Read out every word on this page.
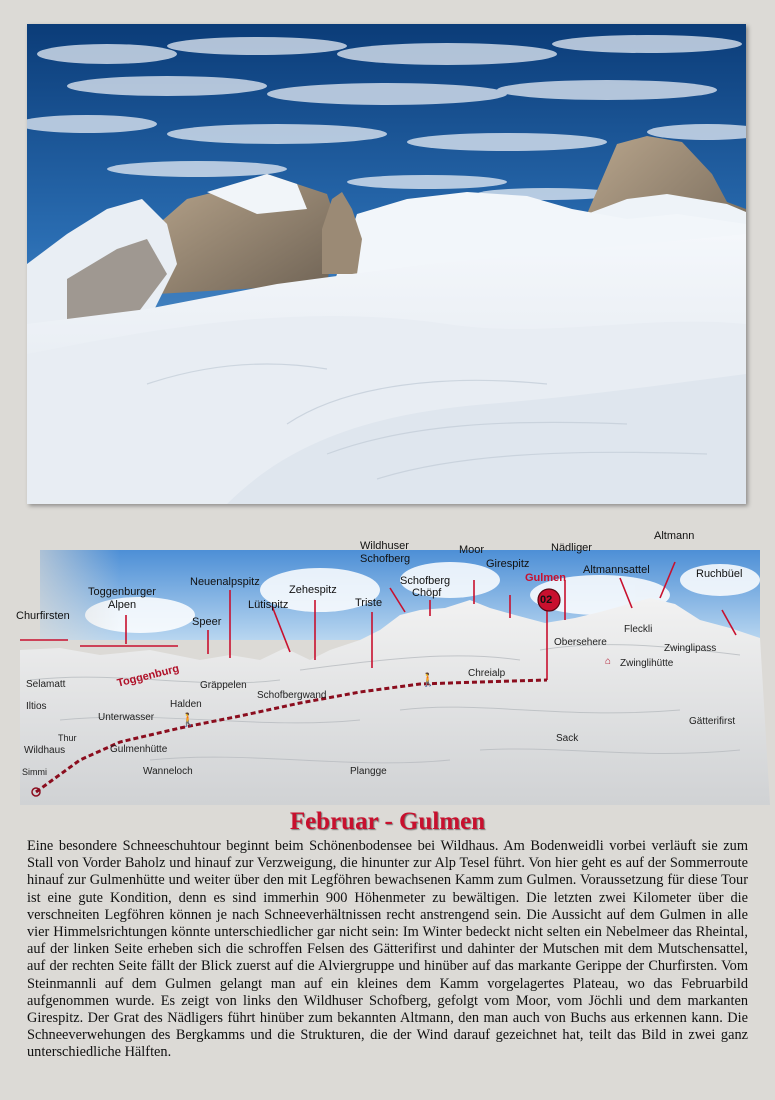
Churfirsten
Toggenburger
Alpen
Neuenalpspitz
Speer
Lütispitz
Zehespitz
Triste
Wildhuser
Schofberg
Schofberg
Chöpf
Moor
Girespitz
Gulmen
Nädliger
Altmannsattel
Altmann
Ruchbüel
02
Selamatt
Iltios
Toggenburg
Unterwasser
Halden
Gräppelen
Schofbergwand
Thur
Wildhaus	Gulmenhütte
Simmi	Wanneloch	Plangge
Chreialp
Obersehere
Fleckli
Zwinglipass
⌂ Zwinglihütte
Gätterifirst
Sack
🚶
🚶
Februar - Gulmen

Eine besondere Schneeschuhtour beginnt beim Schönenbodensee bei Wildhaus. Am Bodenweidli vorbei verläuft sie zum Stall von Vorder Baholz und hinauf zur Verzweigung, die hinunter zur Alp Tesel führt. Von hier geht es auf der Sommerroute hinauf zur Gulmenhütte und weiter über den mit Legföhren bewachsenen Kamm zum Gulmen. Voraussetzung für diese Tour ist eine gute Kondition, denn es sind immerhin 900 Höhenmeter zu bewältigen. Die letzten zwei Kilometer über die verschneiten Legföhren können je nach Schneeverhältnissen recht anstrengend sein. Die Aussicht auf dem Gulmen in alle vier Himmelsrichtungen könnte unterschiedlicher gar nicht sein: Im Winter bedeckt nicht selten ein Nebelmeer das Rheintal, auf der linken Seite erheben sich die schroffen Felsen des Gätterifirst und dahinter der Mutschen mit dem Mutschensattel, auf der rechten Seite fällt der Blick zuerst auf die Alviergruppe und hinüber auf das markante Gerippe der Churfirsten. Vom Steinmannli auf dem Gulmen gelangt man auf ein kleines dem Kamm vorgelagertes Plateau, wo das Februarbild aufgenommen wurde. Es zeigt von links den Wildhuser Schofberg, gefolgt vom Moor, vom Jöchli und dem markanten Girespitz. Der Grat des Nädligers führt hinüber zum bekannten Altmann, den man auch von Buchs aus erkennen kann. Die Schneeverwehungen des Bergkamms und die Strukturen, die der Wind darauf gezeichnet hat, teilt das Bild in zwei ganz unterschiedliche Hälften.
